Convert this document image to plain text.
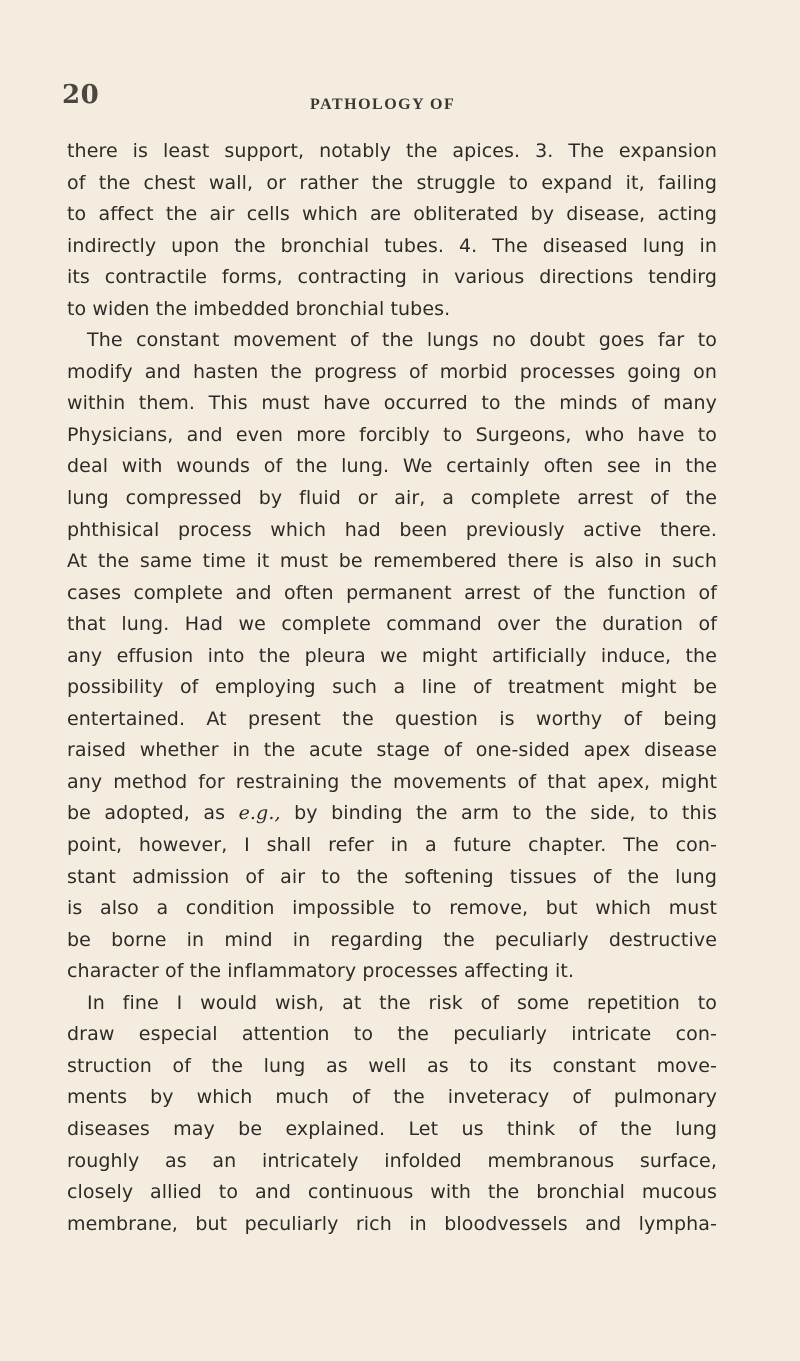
20	PATHOLOGY OF
there is least support, notably the apices. 3. The expansion
of the chest wall, or rather the struggle to expand it, failing
to affect the air cells which are obliterated by disease, acting
indirectly upon the bronchial tubes. 4. The diseased lung in
its contractile forms, contracting in various directions tendirg
to widen the imbedded bronchial tubes.
The constant movement of the lungs no doubt goes far to
modify and hasten the progress of morbid processes going on
within them. This must have occurred to the minds of many
Physicians, and even more forcibly to Surgeons, who have to
deal with wounds of the lung. We certainly often see in the
lung compressed by fluid or air, a complete arrest of the
phthisical process which had been previously active there.
At the same time it must be remembered there is also in such
cases complete and often permanent arrest of the function of
that lung. Had we complete command over the duration of
any effusion into the pleura we might artificially induce, the
possibility of employing such a line of treatment might be
entertained. At present the question is worthy of being
raised whether in the acute stage of one-sided apex disease
any method for restraining the movements of that apex, might
be adopted, as e.g., by binding the arm to the side, to this
point, however, I shall refer in a future chapter. The con-
stant admission of air to the softening tissues of the lung
is also a condition impossible to remove, but which must
be borne in mind in regarding the peculiarly destructive
character of the inflammatory processes affecting it.
In fine I would wish, at the risk of some repetition to
draw especial attention to the peculiarly intricate con-
struction of the lung as well as to its constant move-
ments by which much of the inveteracy of pulmonary
diseases may be explained. Let us think of the lung
roughly as an intricately infolded membranous surface,
closely allied to and continuous with the bronchial mucous
membrane, but peculiarly rich in bloodvessels and lympha-
